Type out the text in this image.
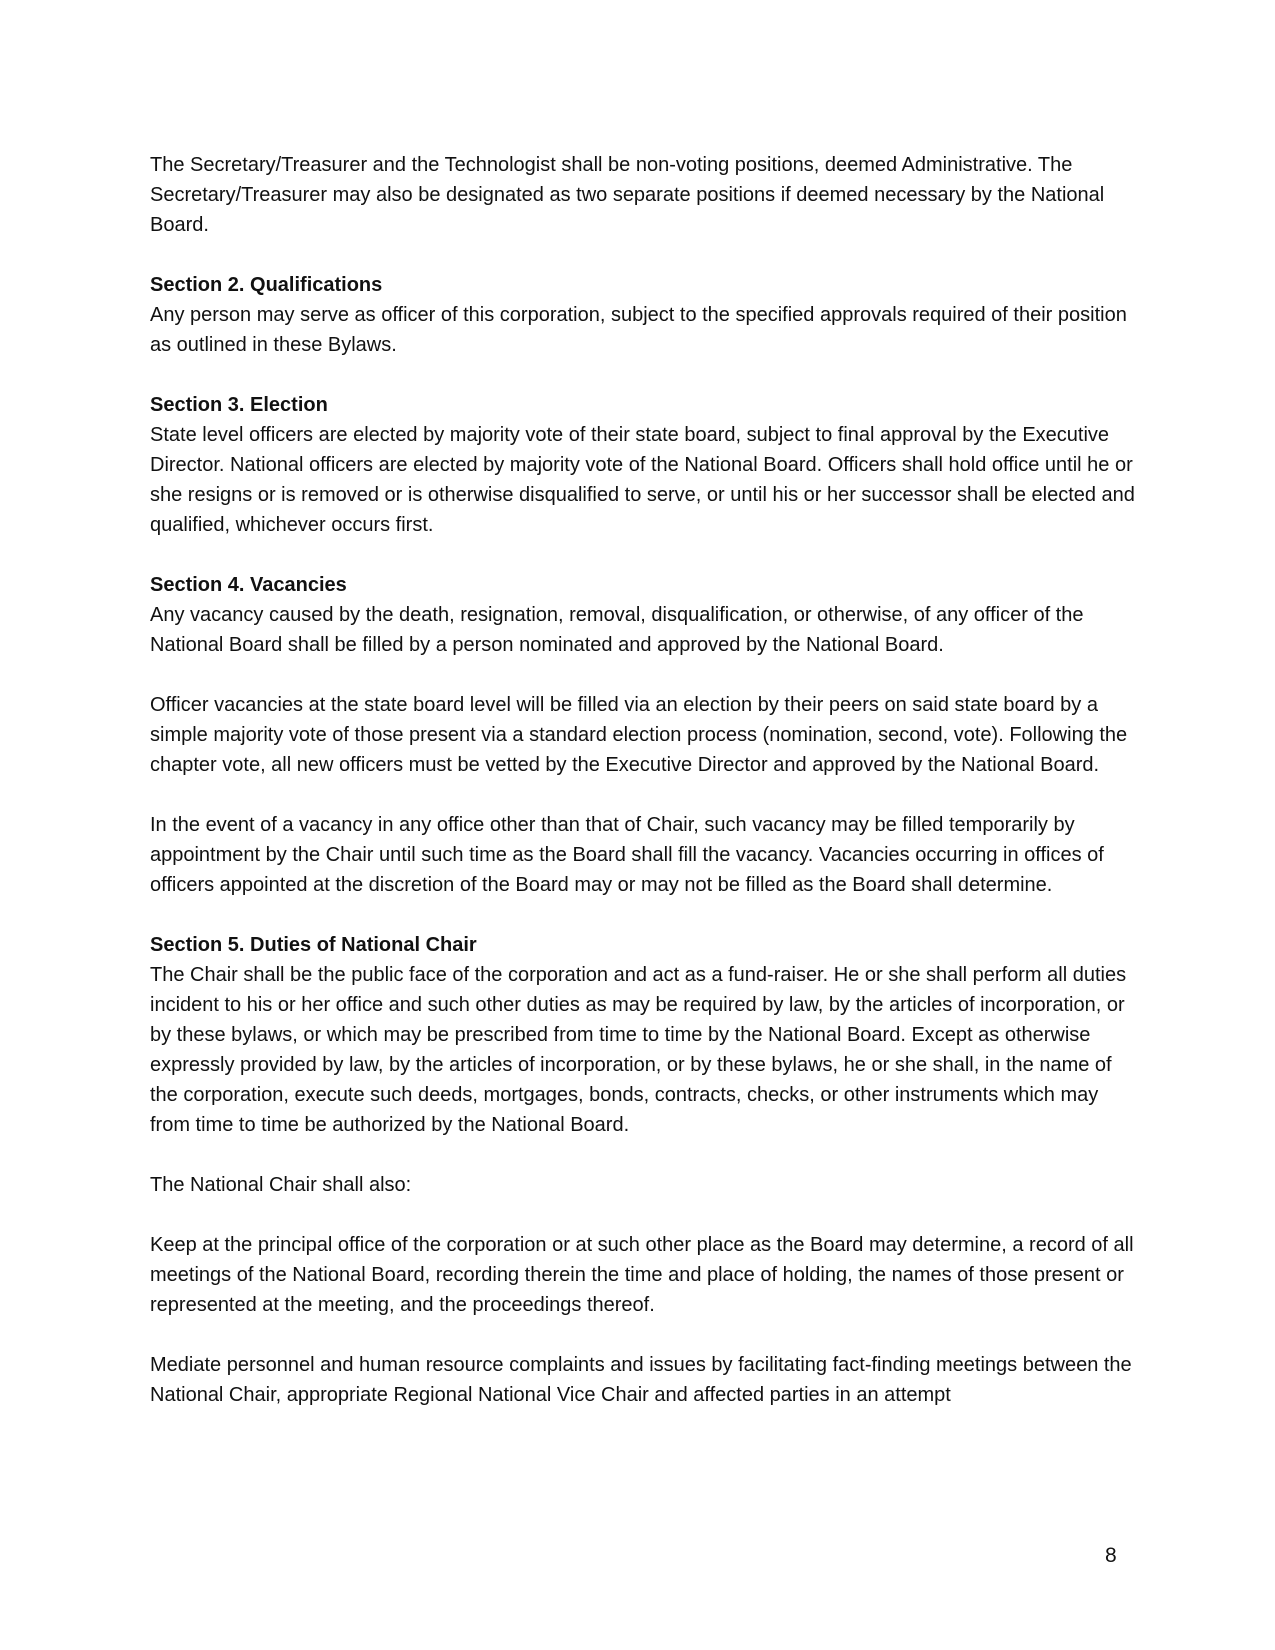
The Secretary/Treasurer and the Technologist shall be non-voting positions, deemed Administrative. The Secretary/Treasurer may also be designated as two separate positions if deemed necessary by the National Board.

Section 2. Qualifications
Any person may serve as officer of this corporation, subject to the specified approvals required of their position as outlined in these Bylaws.

Section 3. Election
State level officers are elected by majority vote of their state board, subject to final approval by the Executive Director. National officers are elected by majority vote of the National Board. Officers shall hold office until he or she resigns or is removed or is otherwise disqualified to serve, or until his or her successor shall be elected and qualified, whichever occurs first.

Section 4. Vacancies
Any vacancy caused by the death, resignation, removal, disqualification, or otherwise, of any officer of the National Board shall be filled by a person nominated and approved by the National Board.

Officer vacancies at the state board level will be filled via an election by their peers on said state board by a simple majority vote of those present via a standard election process (nomination, second, vote). Following the chapter vote, all new officers must be vetted by the Executive Director and approved by the National Board.

In the event of a vacancy in any office other than that of Chair, such vacancy may be filled temporarily by appointment by the Chair until such time as the Board shall fill the vacancy. Vacancies occurring in offices of officers appointed at the discretion of the Board may or may not be filled as the Board shall determine.

Section 5. Duties of National Chair
The Chair shall be the public face of the corporation and act as a fund-raiser. He or she shall perform all duties incident to his or her office and such other duties as may be required by law, by the articles of incorporation, or by these bylaws, or which may be prescribed from time to time by the National Board. Except as otherwise expressly provided by law, by the articles of incorporation, or by these bylaws, he or she shall, in the name of the corporation, execute such deeds, mortgages, bonds, contracts, checks, or other instruments which may from time to time be authorized by the National Board.

The National Chair shall also:

Keep at the principal office of the corporation or at such other place as the Board may determine, a record of all meetings of the National Board, recording therein the time and place of holding, the names of those present or represented at the meeting, and the proceedings thereof.

Mediate personnel and human resource complaints and issues by facilitating fact-finding meetings between the National Chair, appropriate Regional National Vice Chair and affected parties in an attempt

8
